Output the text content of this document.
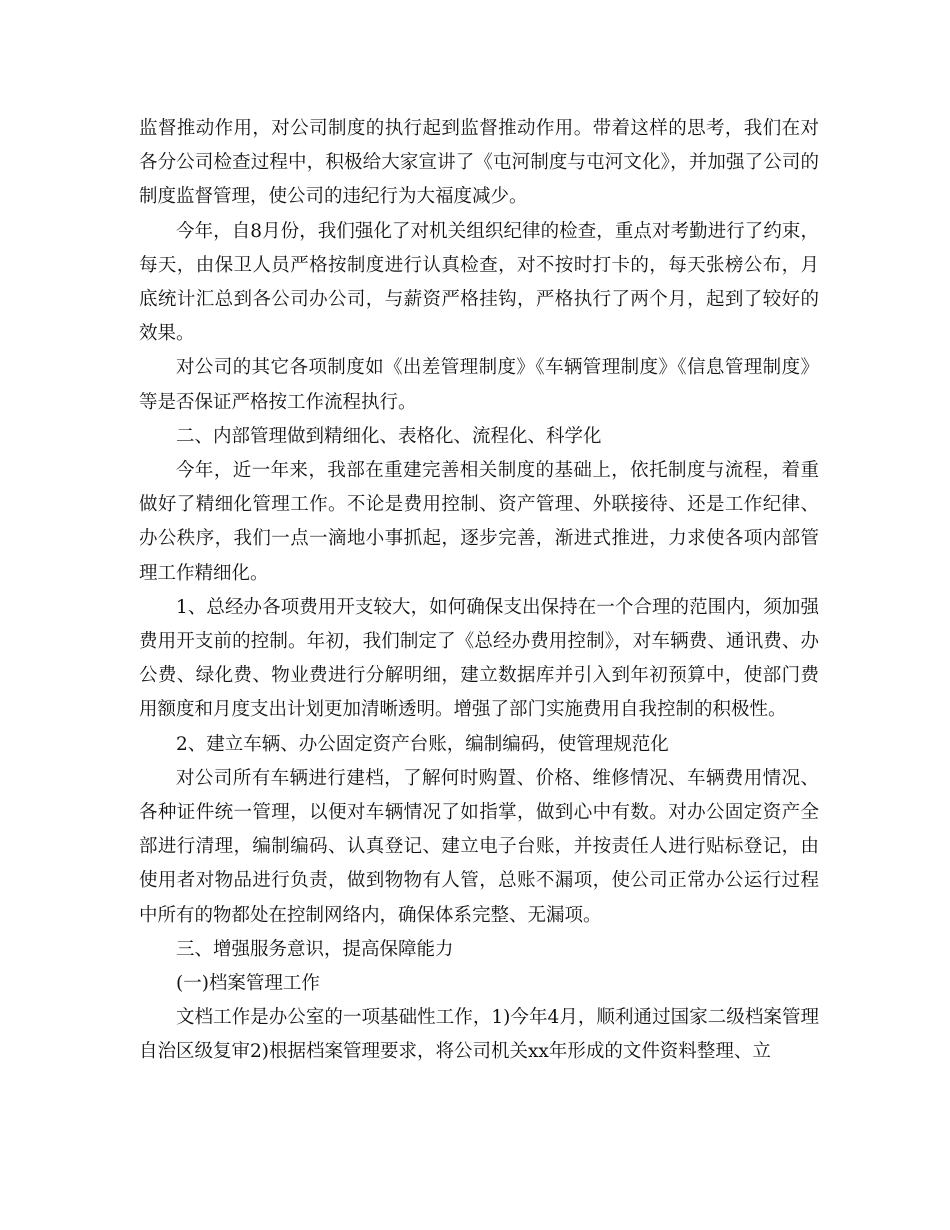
监督推动作用，对公司制度的执行起到监督推动作用。带着这样的思考，我们在对各分公司检查过程中，积极给大家宣讲了《屯河制度与屯河文化》，并加强了公司的制度监督管理，使公司的违纪行为大福度减少。

今年，自8月份，我们强化了对机关组织纪律的检查，重点对考勤进行了约束，每天，由保卫人员严格按制度进行认真检查，对不按时打卡的，每天张榜公布，月底统计汇总到各公司办公司，与薪资严格挂钩，严格执行了两个月，起到了较好的效果。

对公司的其它各项制度如《出差管理制度》《车辆管理制度》《信息管理制度》等是否保证严格按工作流程执行。

二、内部管理做到精细化、表格化、流程化、科学化

今年，近一年来，我部在重建完善相关制度的基础上，依托制度与流程，着重做好了精细化管理工作。不论是费用控制、资产管理、外联接待、还是工作纪律、办公秩序，我们一点一滴地小事抓起，逐步完善，渐进式推进，力求使各项内部管理工作精细化。

1、总经办各项费用开支较大，如何确保支出保持在一个合理的范围内，须加强费用开支前的控制。年初，我们制定了《总经办费用控制》，对车辆费、通讯费、办公费、绿化费、物业费进行分解明细，建立数据库并引入到年初预算中，使部门费用额度和月度支出计划更加清晰透明。增强了部门实施费用自我控制的积极性。

2、建立车辆、办公固定资产台账，编制编码，使管理规范化

对公司所有车辆进行建档，了解何时购置、价格、维修情况、车辆费用情况、各种证件统一管理，以便对车辆情况了如指掌，做到心中有数。对办公固定资产全部进行清理，编制编码、认真登记、建立电子台账，并按责任人进行贴标登记，由使用者对物品进行负责，做到物物有人管，总账不漏项，使公司正常办公运行过程中所有的物都处在控制网络内，确保体系完整、无漏项。

三、增强服务意识，提高保障能力

(一)档案管理工作

文档工作是办公室的一项基础性工作，1)今年4月，顺利通过国家二级档案管理自治区级复审2)根据档案管理要求，将公司机关xx年形成的文件资料整理、立
